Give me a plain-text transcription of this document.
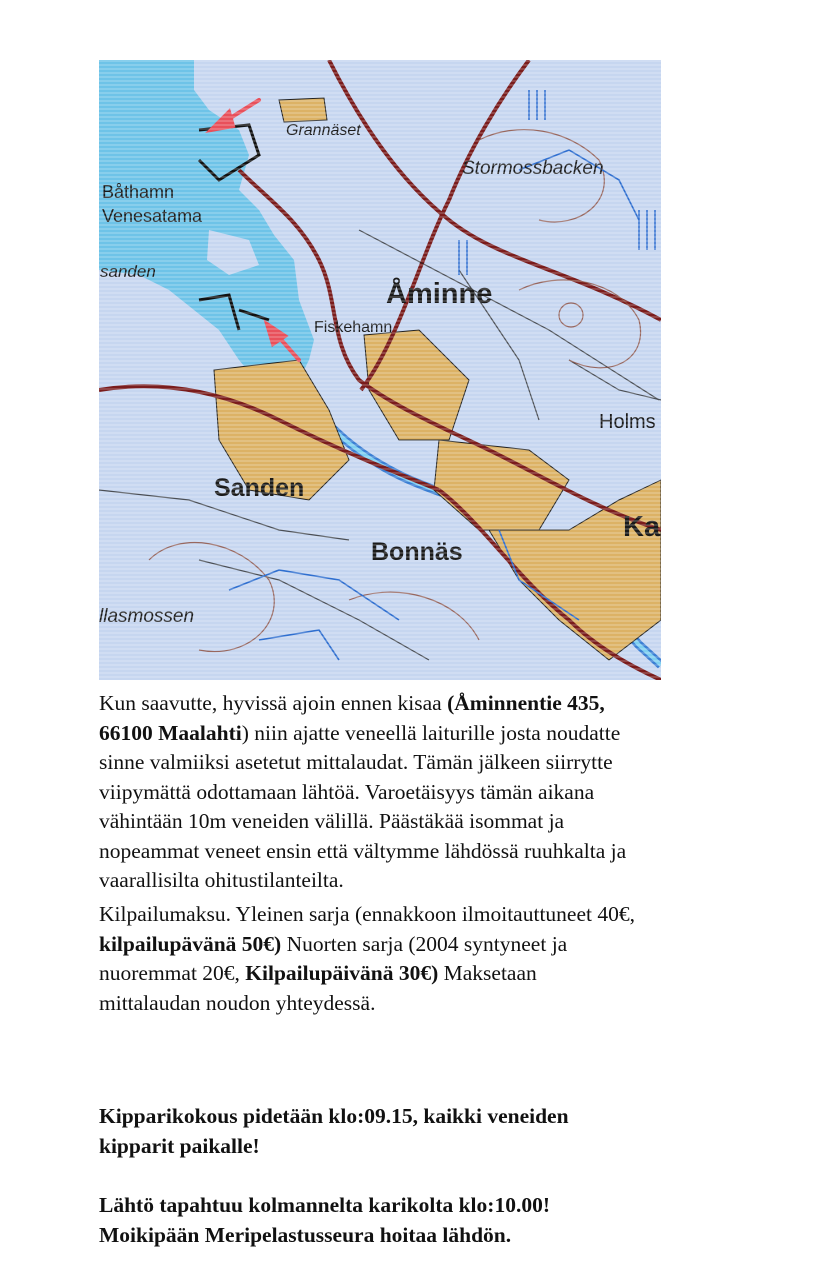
Kun saavutte, hyvissä ajoin ennen kisaa (Åminnentie 435,
66100 Maalahti) niin ajatte veneellä laiturille josta noudatte
sinne valmiiksi asetetut mittalaudat. Tämän jälkeen siirrytte
viipymättä odottamaan lähtöä. Varoetäisyys tämän aikana
vähintään 10m veneiden välillä. Päästäkää isommat ja
nopeammat veneet ensin että vältymme lähdössä ruuhkalta ja
vaarallisilta ohitustilanteilta.

Kilpailumaksu. Yleinen sarja (ennakkoon ilmoitauttuneet 40€,
kilpailupävänä 50€) Nuorten sarja (2004 syntyneet ja
nuoremmat 20€, Kilpailupäivänä 30€) Maksetaan
mittalaudan noudon yhteydessä.

Kipparikokous pidetään klo:09.15, kaikki veneiden
kipparit paikalle!

Lähtö tapahtuu kolmannelta karikolta klo:10.00!
Moikipään Meripelastusseura hoitaa lähdön.
